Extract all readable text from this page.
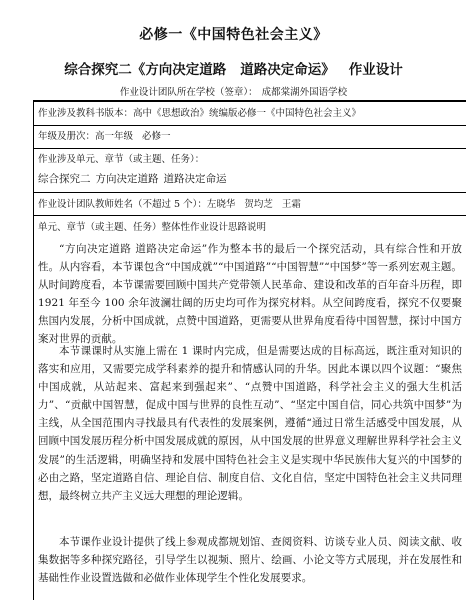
必修一《中国特色社会主义》
综合探究二《方向决定道路 道路决定命运》 作业设计
作业设计团队所在学校（签章）： 成都棠湖外国语学校
作业涉及教科书版本：高中《思想政治》统编版必修一《中国特色社会主义》
年级及册次：高一年级 必修一
作业涉及单元、章节（或主题、任务）：
综合探究二 方向决定道路 道路决定命运
作业设计团队教师姓名（不超过 5 个）：左晓华 贺均芝 王霜
单元、章节（或主题、任务）整体性作业设计思路说明
“方向决定道路 道路决定命运”作为整本书的最后一个探究活动，具有综合性和开放性。从内容看，本节课包含“中国成就”“中国道路”“中国智慧”“中国梦”等一系列宏观主题。从时间跨度看，本节课需要回顾中国共产党带领人民革命、建设和改革的百年奋斗历程，即 1921 年至今 100 余年波澜壮阔的历史均可作为探究材料。从空间跨度看，探究不仅要聚焦国内发展，分析中国成就，点赞中国道路，更需要从世界角度看待中国智慧，探讨中国方案对世界的贡献。
本节课课时从实施上需在 1 课时内完成，但是需要达成的目标高远，既注重对知识的落实和应用，又需要完成学科素养的提升和情感认同的升华。因此本课以四个议题：“聚焦中国成就，从站起来、富起来到强起来”、“点赞中国道路，科学社会主义的强大生机活力”、“贡献中国智慧，促成中国与世界的良性互动”、“坚定中国自信，同心共筑中国梦”为主线，从全国范围内寻找最具有代表性的发展案例，遵循“通过日常生活感受中国发展，从回顾中国发展历程分析中国发展成就的原因，从中国发展的世界意义理解世界科学社会主义发展”的生活逻辑，明确坚持和发展中国特色社会主义是实现中华民族伟大复兴的中国梦的必由之路，坚定道路自信、理论自信、制度自信、文化自信，坚定中国特色社会主义共同理想，最终树立共产主义远大理想的理论逻辑。
本节课作业设计提供了线上参观成都规划馆、查阅资料、访谈专业人员、阅读文献、收集数据等多种探究路径，引导学生以视频、照片、绘画、小论文等方式展现，并在发展性和基础性作业设置选做和必做作业体现学生个性化发展要求。
